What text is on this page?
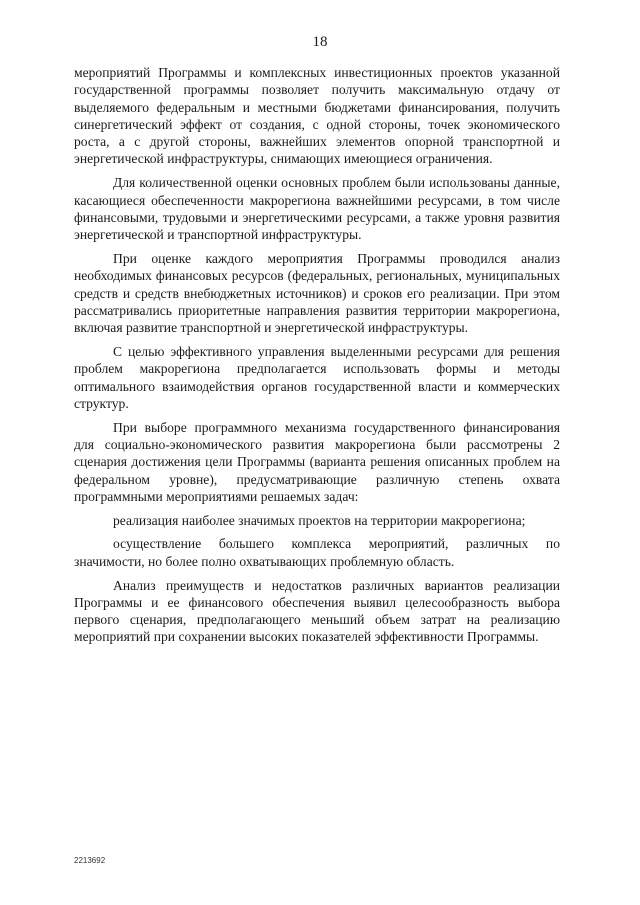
18

мероприятий Программы и комплексных инвестиционных проектов указанной государственной программы позволяет получить максимальную отдачу от выделяемого федеральным и местными бюджетами финансирования, получить синергетический эффект от создания, с одной стороны, точек экономического роста, а с другой стороны, важнейших элементов опорной транспортной и энергетической инфраструктуры, снимающих имеющиеся ограничения.

Для количественной оценки основных проблем были использованы данные, касающиеся обеспеченности макрорегиона важнейшими ресурсами, в том числе финансовыми, трудовыми и энергетическими ресурсами, а также уровня развития энергетической и транспортной инфраструктуры.

При оценке каждого мероприятия Программы проводился анализ необходимых финансовых ресурсов (федеральных, региональных, муниципальных средств и средств внебюджетных источников) и сроков его реализации. При этом рассматривались приоритетные направления развития территории макрорегиона, включая развитие транспортной и энергетической инфраструктуры.

С целью эффективного управления выделенными ресурсами для решения проблем макрорегиона предполагается использовать формы и методы оптимального взаимодействия органов государственной власти и коммерческих структур.

При выборе программного механизма государственного финансирования для социально-экономического развития макрорегиона были рассмотрены 2 сценария достижения цели Программы (варианта решения описанных проблем на федеральном уровне), предусматривающие различную степень охвата программными мероприятиями решаемых задач:

реализация наиболее значимых проектов на территории макрорегиона;

осуществление большего комплекса мероприятий, различных по значимости, но более полно охватывающих проблемную область.

Анализ преимуществ и недостатков различных вариантов реализации Программы и ее финансового обеспечения выявил целесообразность выбора первого сценария, предполагающего меньший объем затрат на реализацию мероприятий при сохранении высоких показателей эффективности Программы.

2213692
